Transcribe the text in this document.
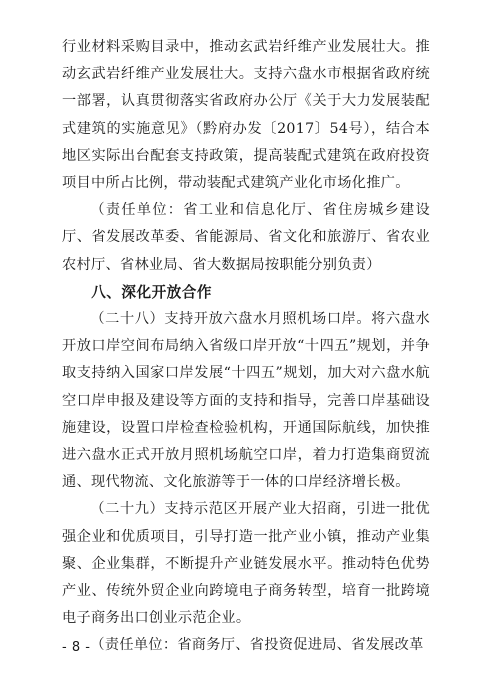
行业材料采购目录中，推动玄武岩纤维产业发展壮大。推动玄武岩纤维产业发展壮大。支持六盘水市根据省政府统一部署，认真贯彻落实省政府办公厅《关于大力发展装配式建筑的实施意见》（黔府办发〔2017〕54号），结合本地区实际出台配套支持政策，提高装配式建筑在政府投资项目中所占比例，带动装配式建筑产业化市场化推广。

（责任单位：省工业和信息化厅、省住房城乡建设厅、省发展改革委、省能源局、省文化和旅游厅、省农业农村厅、省林业局、省大数据局按职能分别负责）

八、深化开放合作

（二十八）支持开放六盘水月照机场口岸。将六盘水开放口岸空间布局纳入省级口岸开放“十四五”规划，并争取支持纳入国家口岸发展“十四五”规划，加大对六盘水航空口岸申报及建设等方面的支持和指导，完善口岸基础设施建设，设置口岸检查检验机构，开通国际航线，加快推进六盘水正式开放月照机场航空口岸，着力打造集商贸流通、现代物流、文化旅游等于一体的口岸经济增长极。

（二十九）支持示范区开展产业大招商，引进一批优强企业和优质项目，引导打造一批产业小镇，推动产业集聚、企业集群，不断提升产业链发展水平。推动特色优势产业、传统外贸企业向跨境电子商务转型，培育一批跨境电子商务出口创业示范企业。

（责任单位：省商务厅、省投资促进局、省发展改革

- 8 -
